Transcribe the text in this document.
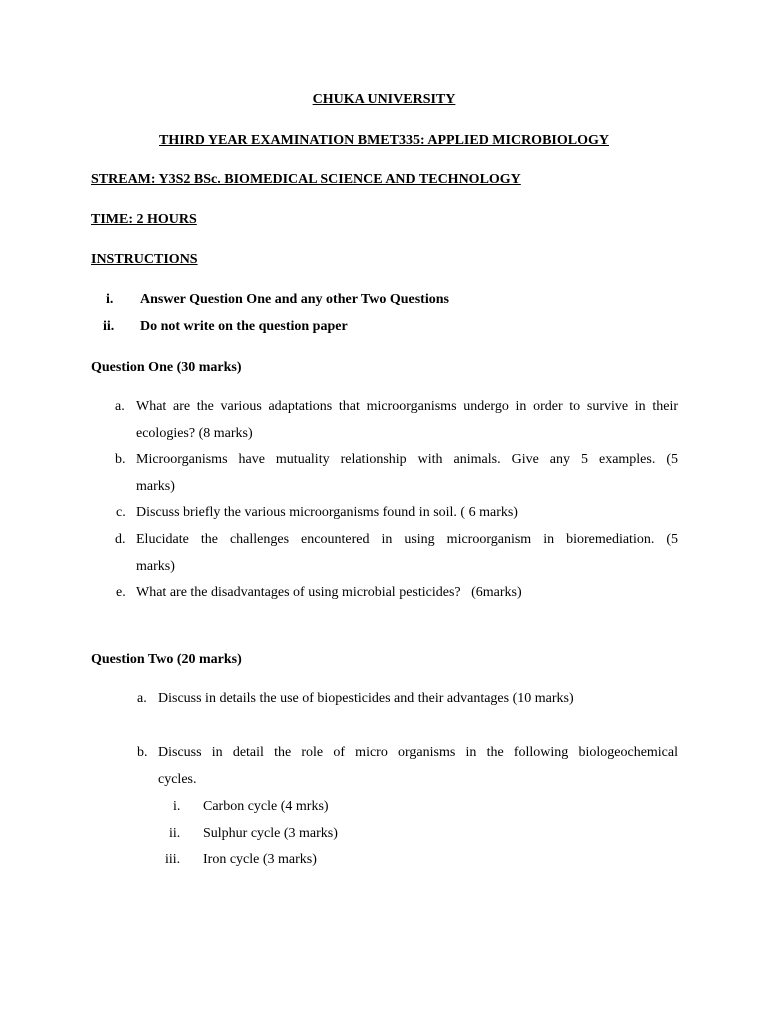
CHUKA UNIVERSITY
THIRD YEAR EXAMINATION BMET335: APPLIED MICROBIOLOGY
STREAM: Y3S2 BSc. BIOMEDICAL SCIENCE AND TECHNOLOGY
TIME: 2 HOURS
INSTRUCTIONS
i. Answer Question One and any other Two Questions
ii. Do not write on the question paper
Question One (30 marks)
a. What are the various adaptations that microorganisms undergo in order to survive in their
ecologies? (8 marks)
b. Microorganisms have mutuality relationship with animals. Give any 5 examples. (5
marks)
c. Discuss briefly the various microorganisms found in soil. ( 6 marks)
d. Elucidate the challenges encountered in using microorganism in bioremediation. (5
marks)
e. What are the disadvantages of using microbial pesticides?   (6marks)
Question Two (20 marks)
a. Discuss in details the use of biopesticides and their advantages (10 marks)
b. Discuss in detail the role of micro organisms in the following biologeochemical
cycles.
i. Carbon cycle (4 mrks)
ii. Sulphur cycle (3 marks)
iii. Iron cycle (3 marks)
